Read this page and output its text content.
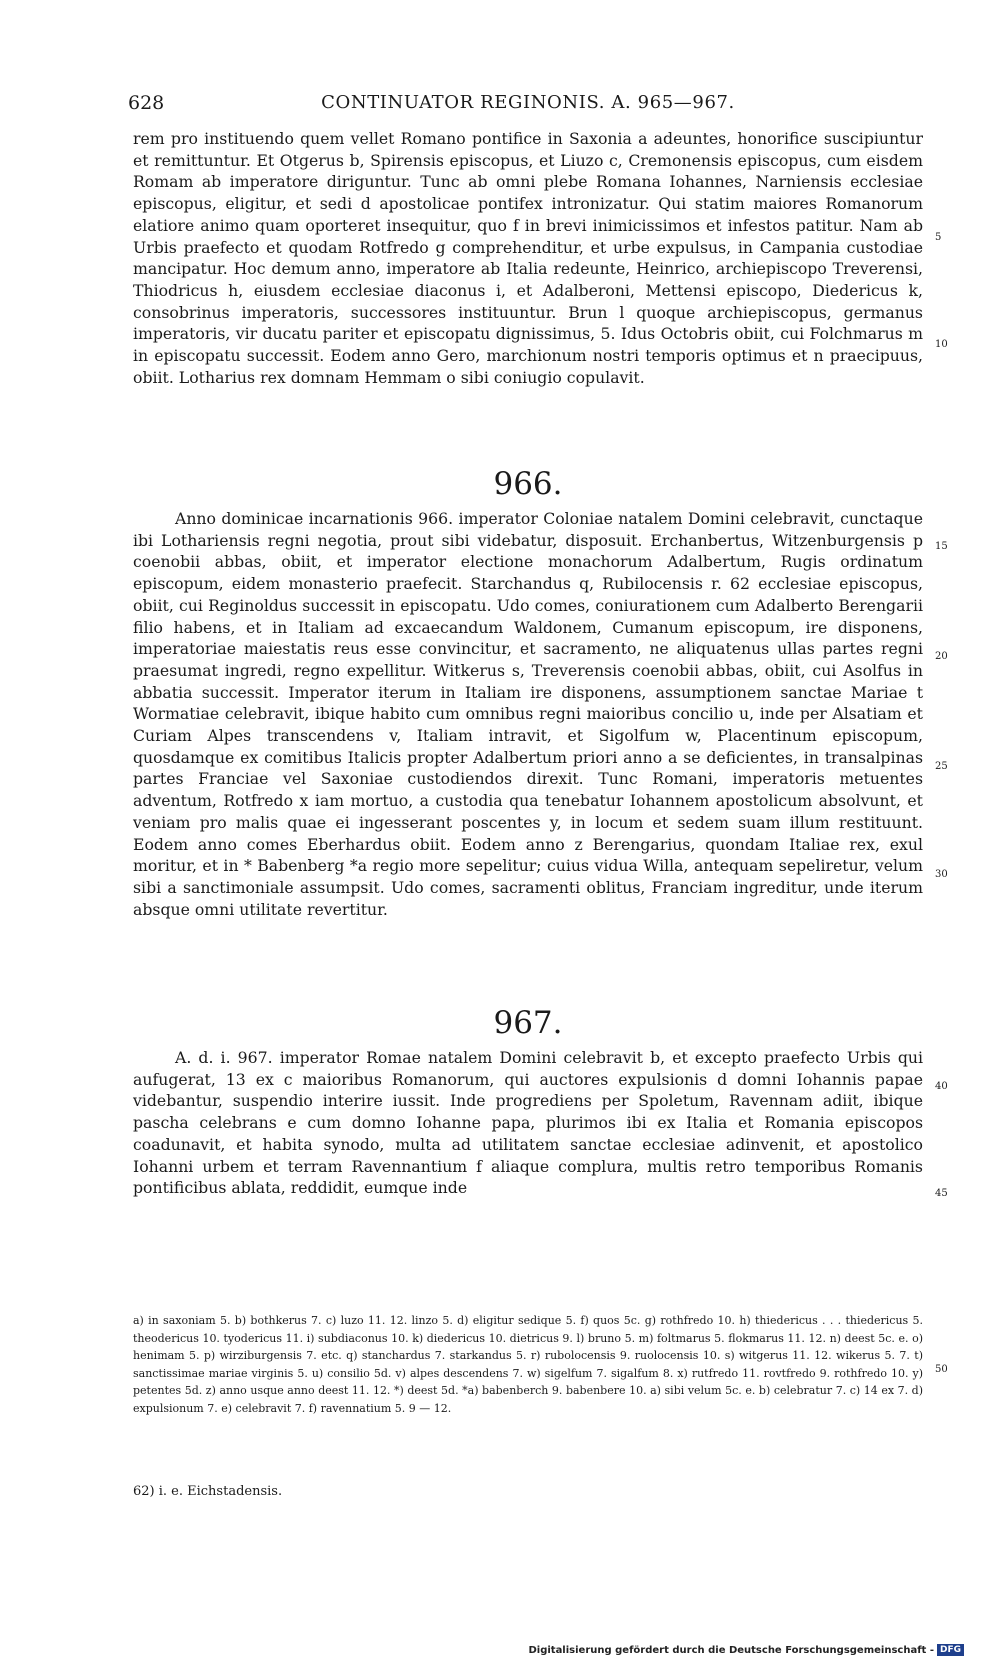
628	CONTINUATOR REGINONIS. A. 965—967.

rem pro instituendo quem vellet Romano pontifice in Saxonia a adeuntes, honorifice suscipiuntur et remittuntur. Et Otgerus b, Spirensis episcopus, et Liuzo c, Cremonensis episcopus, cum eisdem Romam ab imperatore diriguntur. Tunc ab omni plebe Romana Iohannes, Narniensis ecclesiae episcopus, eligitur, et sedi d apostolicae pontifex intronizatur. Qui statim maiores Romanorum elatiore animo quam oporteret insequitur, quo f in brevi inimicissimos et infestos patitur. Nam ab Urbis praefecto et quodam Rotfredo g comprehenditur, et urbe expulsus, in Campania custodiae mancipatur. Hoc demum anno, imperatore ab Italia redeunte, Heinrico, archiepiscopo Treverensi, Thiodricus h, eiusdem ecclesiae diaconus i, et Adalberoni, Mettensi episcopo, Diedericus k, consobrinus imperatoris, successores instituuntur. Brun l quoque archiepiscopus, germanus imperatoris, vir ducatu pariter et episcopatu dignissimus, 5. Idus Octobris obiit, cui Folchmarus m in episcopatu successit. Eodem anno Gero, marchionum nostri temporis optimus et n praecipuus, obiit. Lotharius rex domnam Hemmam o sibi coniugio copulavit.

966.

Anno dominicae incarnationis 966. imperator Coloniae natalem Domini celebravit, cunctaque ibi Lothariensis regni negotia, prout sibi videbatur, disposuit. Erchanbertus, Witzenburgensis p coenobii abbas, obiit, et imperator electione monachorum Adalbertum, Rugis ordinatum episcopum, eidem monasterio praefecit. Starchandus q, Rubilocensis r. 62 ecclesiae episcopus, obiit, cui Reginoldus successit in episcopatu. Udo comes, coniurationem cum Adalberto Berengarii filio habens, et in Italiam ad excaecandum Waldonem, Cumanum episcopum, ire disponens, imperatoriae maiestatis reus esse convincitur, et sacramento, ne aliquatenus ullas partes regni praesumat ingredi, regno expellitur. Witkerus s, Treverensis coenobii abbas, obiit, cui Asolfus in abbatia successit. Imperator iterum in Italiam ire disponens, assumptionem sanctae Mariae t Wormatiae celebravit, ibique habito cum omnibus regni maioribus concilio u, inde per Alsatiam et Curiam Alpes transcendens v, Italiam intravit, et Sigolfum w, Placentinum episcopum, quosdamque ex comitibus Italicis propter Adalbertum priori anno a se deficientes, in transalpinas partes Franciae vel Saxoniae custodiendos direxit. Tunc Romani, imperatoris metuentes adventum, Rotfredo x iam mortuo, a custodia qua tenebatur Iohannem apostolicum absolvunt, et veniam pro malis quae ei ingesserant poscentes y, in locum et sedem suam illum restituunt. Eodem anno comes Eberhardus obiit. Eodem anno z Berengarius, quondam Italiae rex, exul moritur, et in * Babenberg *a regio more sepelitur; cuius vidua Willa, antequam sepeliretur, velum sibi a sanctimoniale assumpsit. Udo comes, sacramenti oblitus, Franciam ingreditur, unde iterum absque omni utilitate revertitur.

967.

A. d. i. 967. imperator Romae natalem Domini celebravit b, et excepto praefecto Urbis qui aufugerat, 13 ex c maioribus Romanorum, qui auctores expulsionis d domni Iohannis papae videbantur, suspendio interire iussit. Inde progrediens per Spoletum, Ravennam adiit, ibique pascha celebrans e cum domno Iohanne papa, plurimos ibi ex Italia et Romania episcopos coadunavit, et habita synodo, multa ad utilitatem sanctae ecclesiae adinvenit, et apostolico Iohanni urbem et terram Ravennantium f aliaque complura, multis retro temporibus Romanis pontificibus ablata, reddidit, eumque inde

5
10
15
20
25
30
40
45
50

a) in saxoniam 5. b) bothkerus 7. c) luzo 11. 12. linzo 5. d) eligitur sedique 5. f) quos 5c. g) rothfredo 10. h) thiedericus . . . thiedericus 5. theodericus 10. tyodericus 11. i) subdiaconus 10. k) diedericus 10. dietricus 9. l) bruno 5. m) foltmarus 5. flokmarus 11. 12. n) deest 5c. e. o) henimam 5. p) wirziburgensis 7. etc. q) stanchardus 7. starkandus 5. r) rubolocensis 9. ruolocensis 10. s) witgerus 11. 12. wikerus 5. 7. t) sanctissimae mariae virginis 5. u) consilio 5d. v) alpes descendens 7. w) sigelfum 7. sigalfum 8. x) rutfredo 11. rovtfredo 9. rothfredo 10. y) petentes 5d. z) anno usque anno deest 11. 12. *) deest 5d. *a) babenberch 9. babenbere 10. a) sibi velum 5c. e. b) celebratur 7. c) 14 ex 7. d) expulsionum 7. e) celebravit 7. f) ravennatium 5. 9 — 12.

62) i. e. Eichstadensis.
Digitalisierung gefördert durch die Deutsche Forschungsgemeinschaft - DFG
